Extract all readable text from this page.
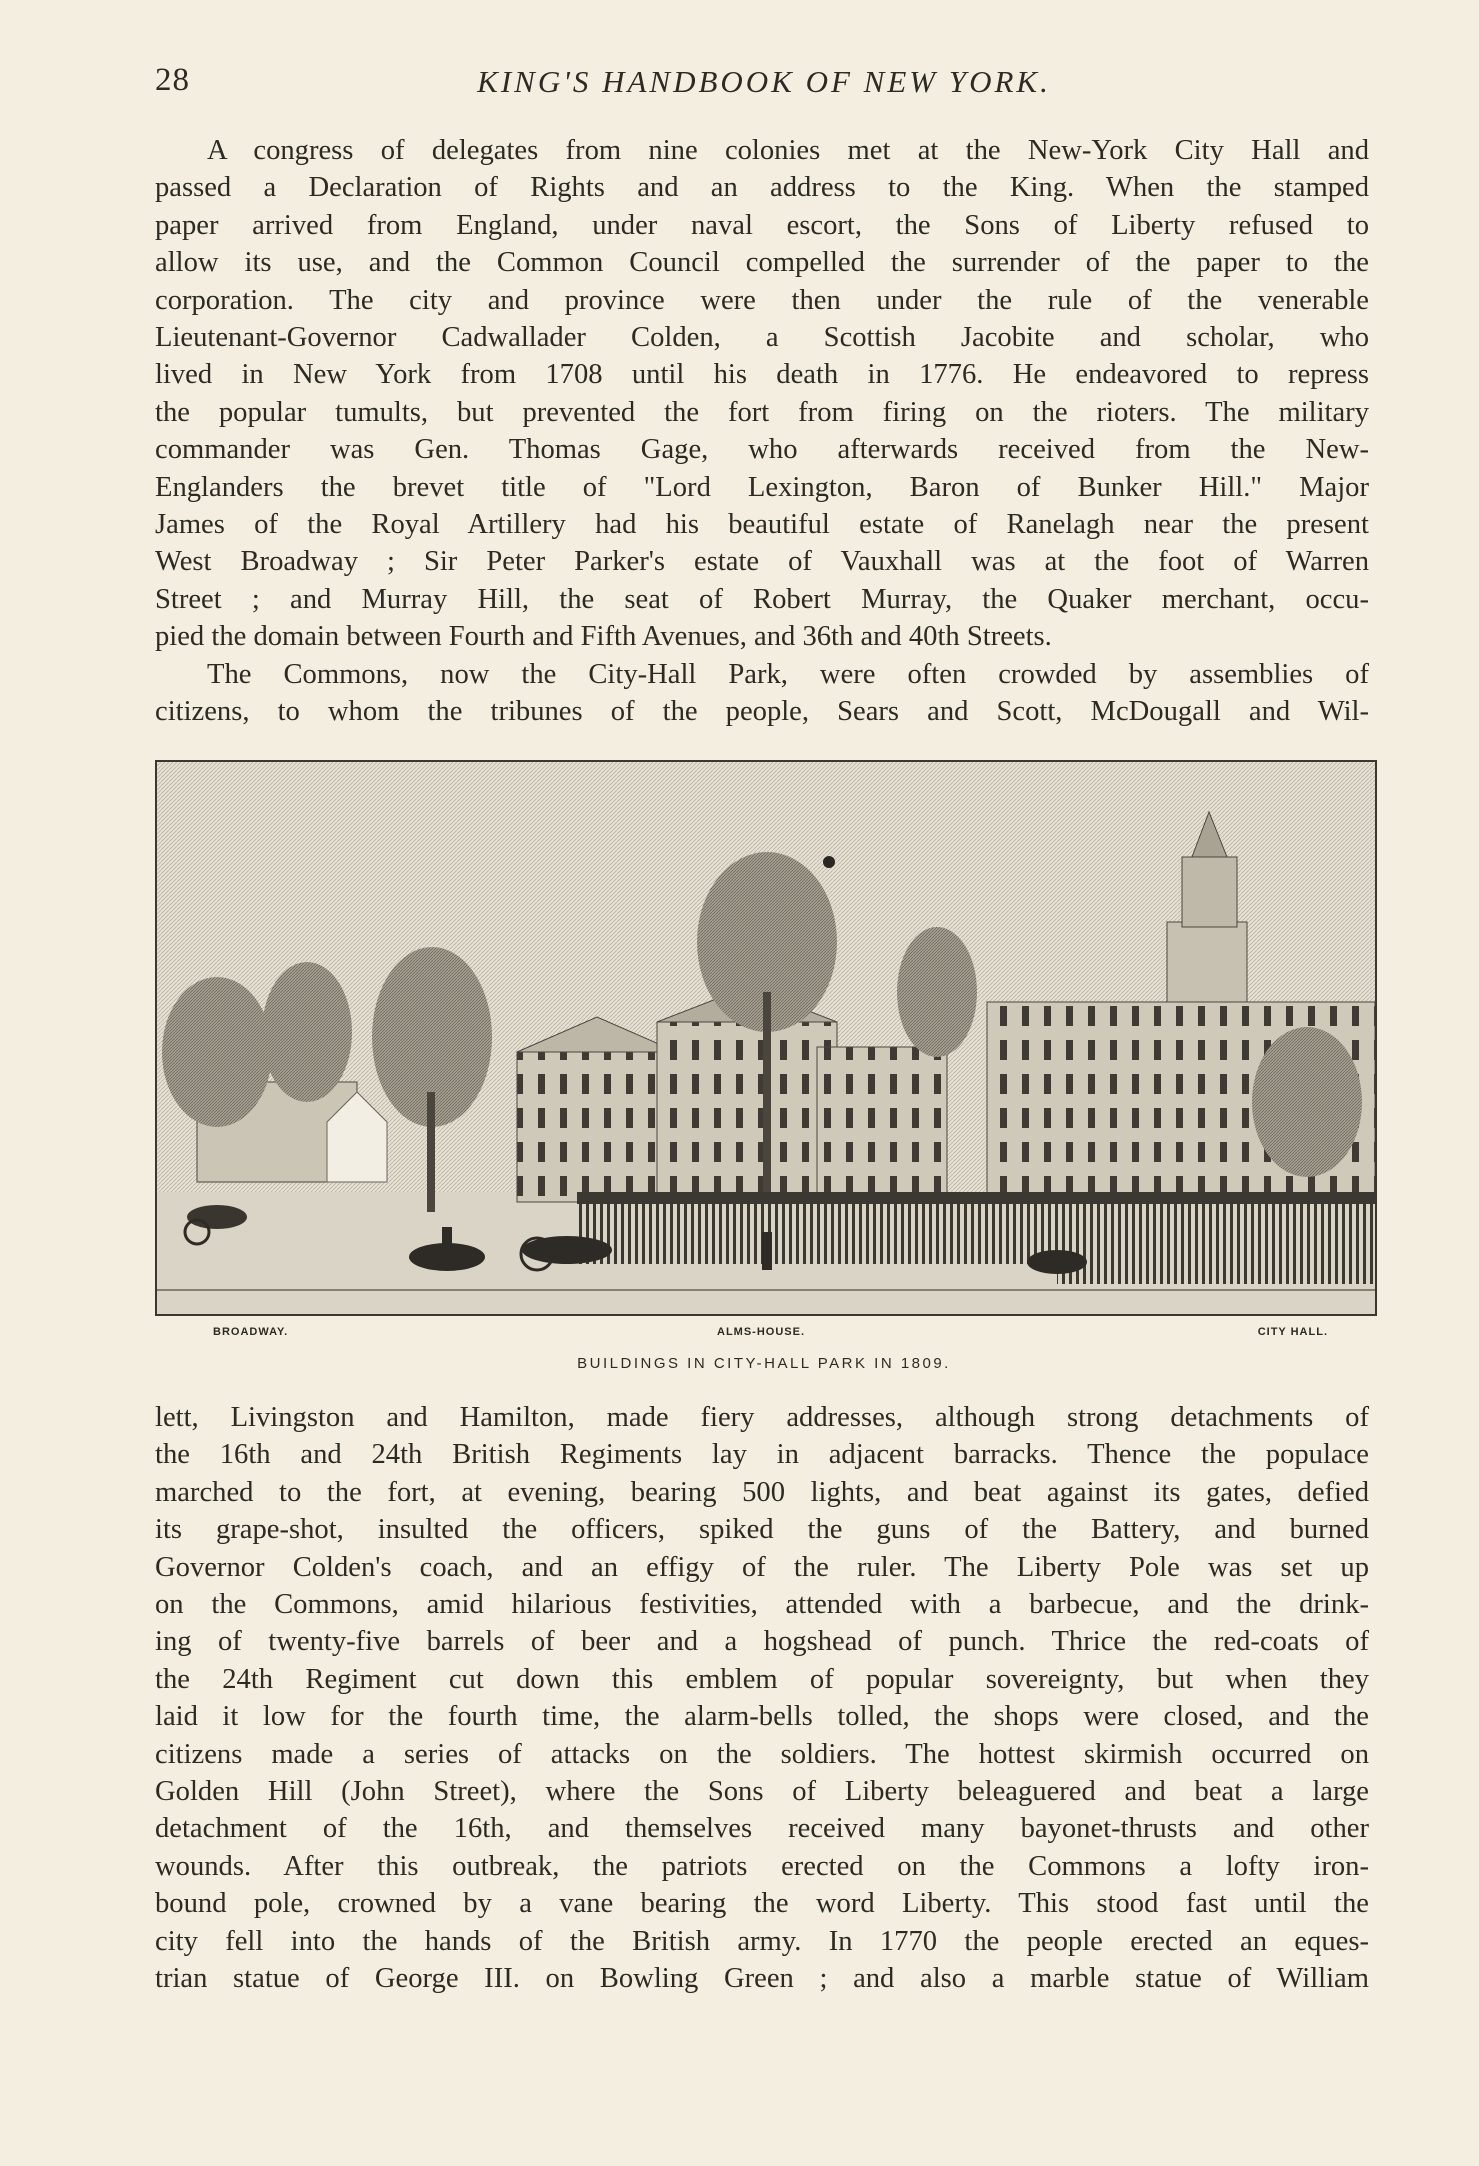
28	KING'S HANDBOOK OF NEW YORK.
A congress of delegates from nine colonies met at the New-York City Hall and
passed a Declaration of Rights and an address to the King. When the stamped
paper arrived from England, under naval escort, the Sons of Liberty refused to
allow its use, and the Common Council compelled the surrender of the paper to the
corporation. The city and province were then under the rule of the venerable
Lieutenant-Governor Cadwallader Colden, a Scottish Jacobite and scholar, who
lived in New York from 1708 until his death in 1776. He endeavored to repress
the popular tumults, but prevented the fort from firing on the rioters. The military
commander was Gen. Thomas Gage, who afterwards received from the New-
Englanders the brevet title of "Lord Lexington, Baron of Bunker Hill." Major
James of the Royal Artillery had his beautiful estate of Ranelagh near the present
West Broadway ; Sir Peter Parker's estate of Vauxhall was at the foot of Warren
Street ; and Murray Hill, the seat of Robert Murray, the Quaker merchant, occu-
pied the domain between Fourth and Fifth Avenues, and 36th and 40th Streets.
The Commons, now the City-Hall Park, were often crowded by assemblies of
citizens, to whom the tribunes of the people, Sears and Scott, McDougall and Wil-
BROADWAY.	ALMS-HOUSE.	CITY HALL.
BUILDINGS IN CITY-HALL PARK IN 1809.
lett, Livingston and Hamilton, made fiery addresses, although strong detachments of
the 16th and 24th British Regiments lay in adjacent barracks. Thence the populace
marched to the fort, at evening, bearing 500 lights, and beat against its gates, defied
its grape-shot, insulted the officers, spiked the guns of the Battery, and burned
Governor Colden's coach, and an effigy of the ruler. The Liberty Pole was set up
on the Commons, amid hilarious festivities, attended with a barbecue, and the drink-
ing of twenty-five barrels of beer and a hogshead of punch. Thrice the red-coats of
the 24th Regiment cut down this emblem of popular sovereignty, but when they
laid it low for the fourth time, the alarm-bells tolled, the shops were closed, and the
citizens made a series of attacks on the soldiers. The hottest skirmish occurred on
Golden Hill (John Street), where the Sons of Liberty beleaguered and beat a large
detachment of the 16th, and themselves received many bayonet-thrusts and other
wounds. After this outbreak, the patriots erected on the Commons a lofty iron-
bound pole, crowned by a vane bearing the word Liberty. This stood fast until the
city fell into the hands of the British army. In 1770 the people erected an eques-
trian statue of George III. on Bowling Green ; and also a marble statue of William
